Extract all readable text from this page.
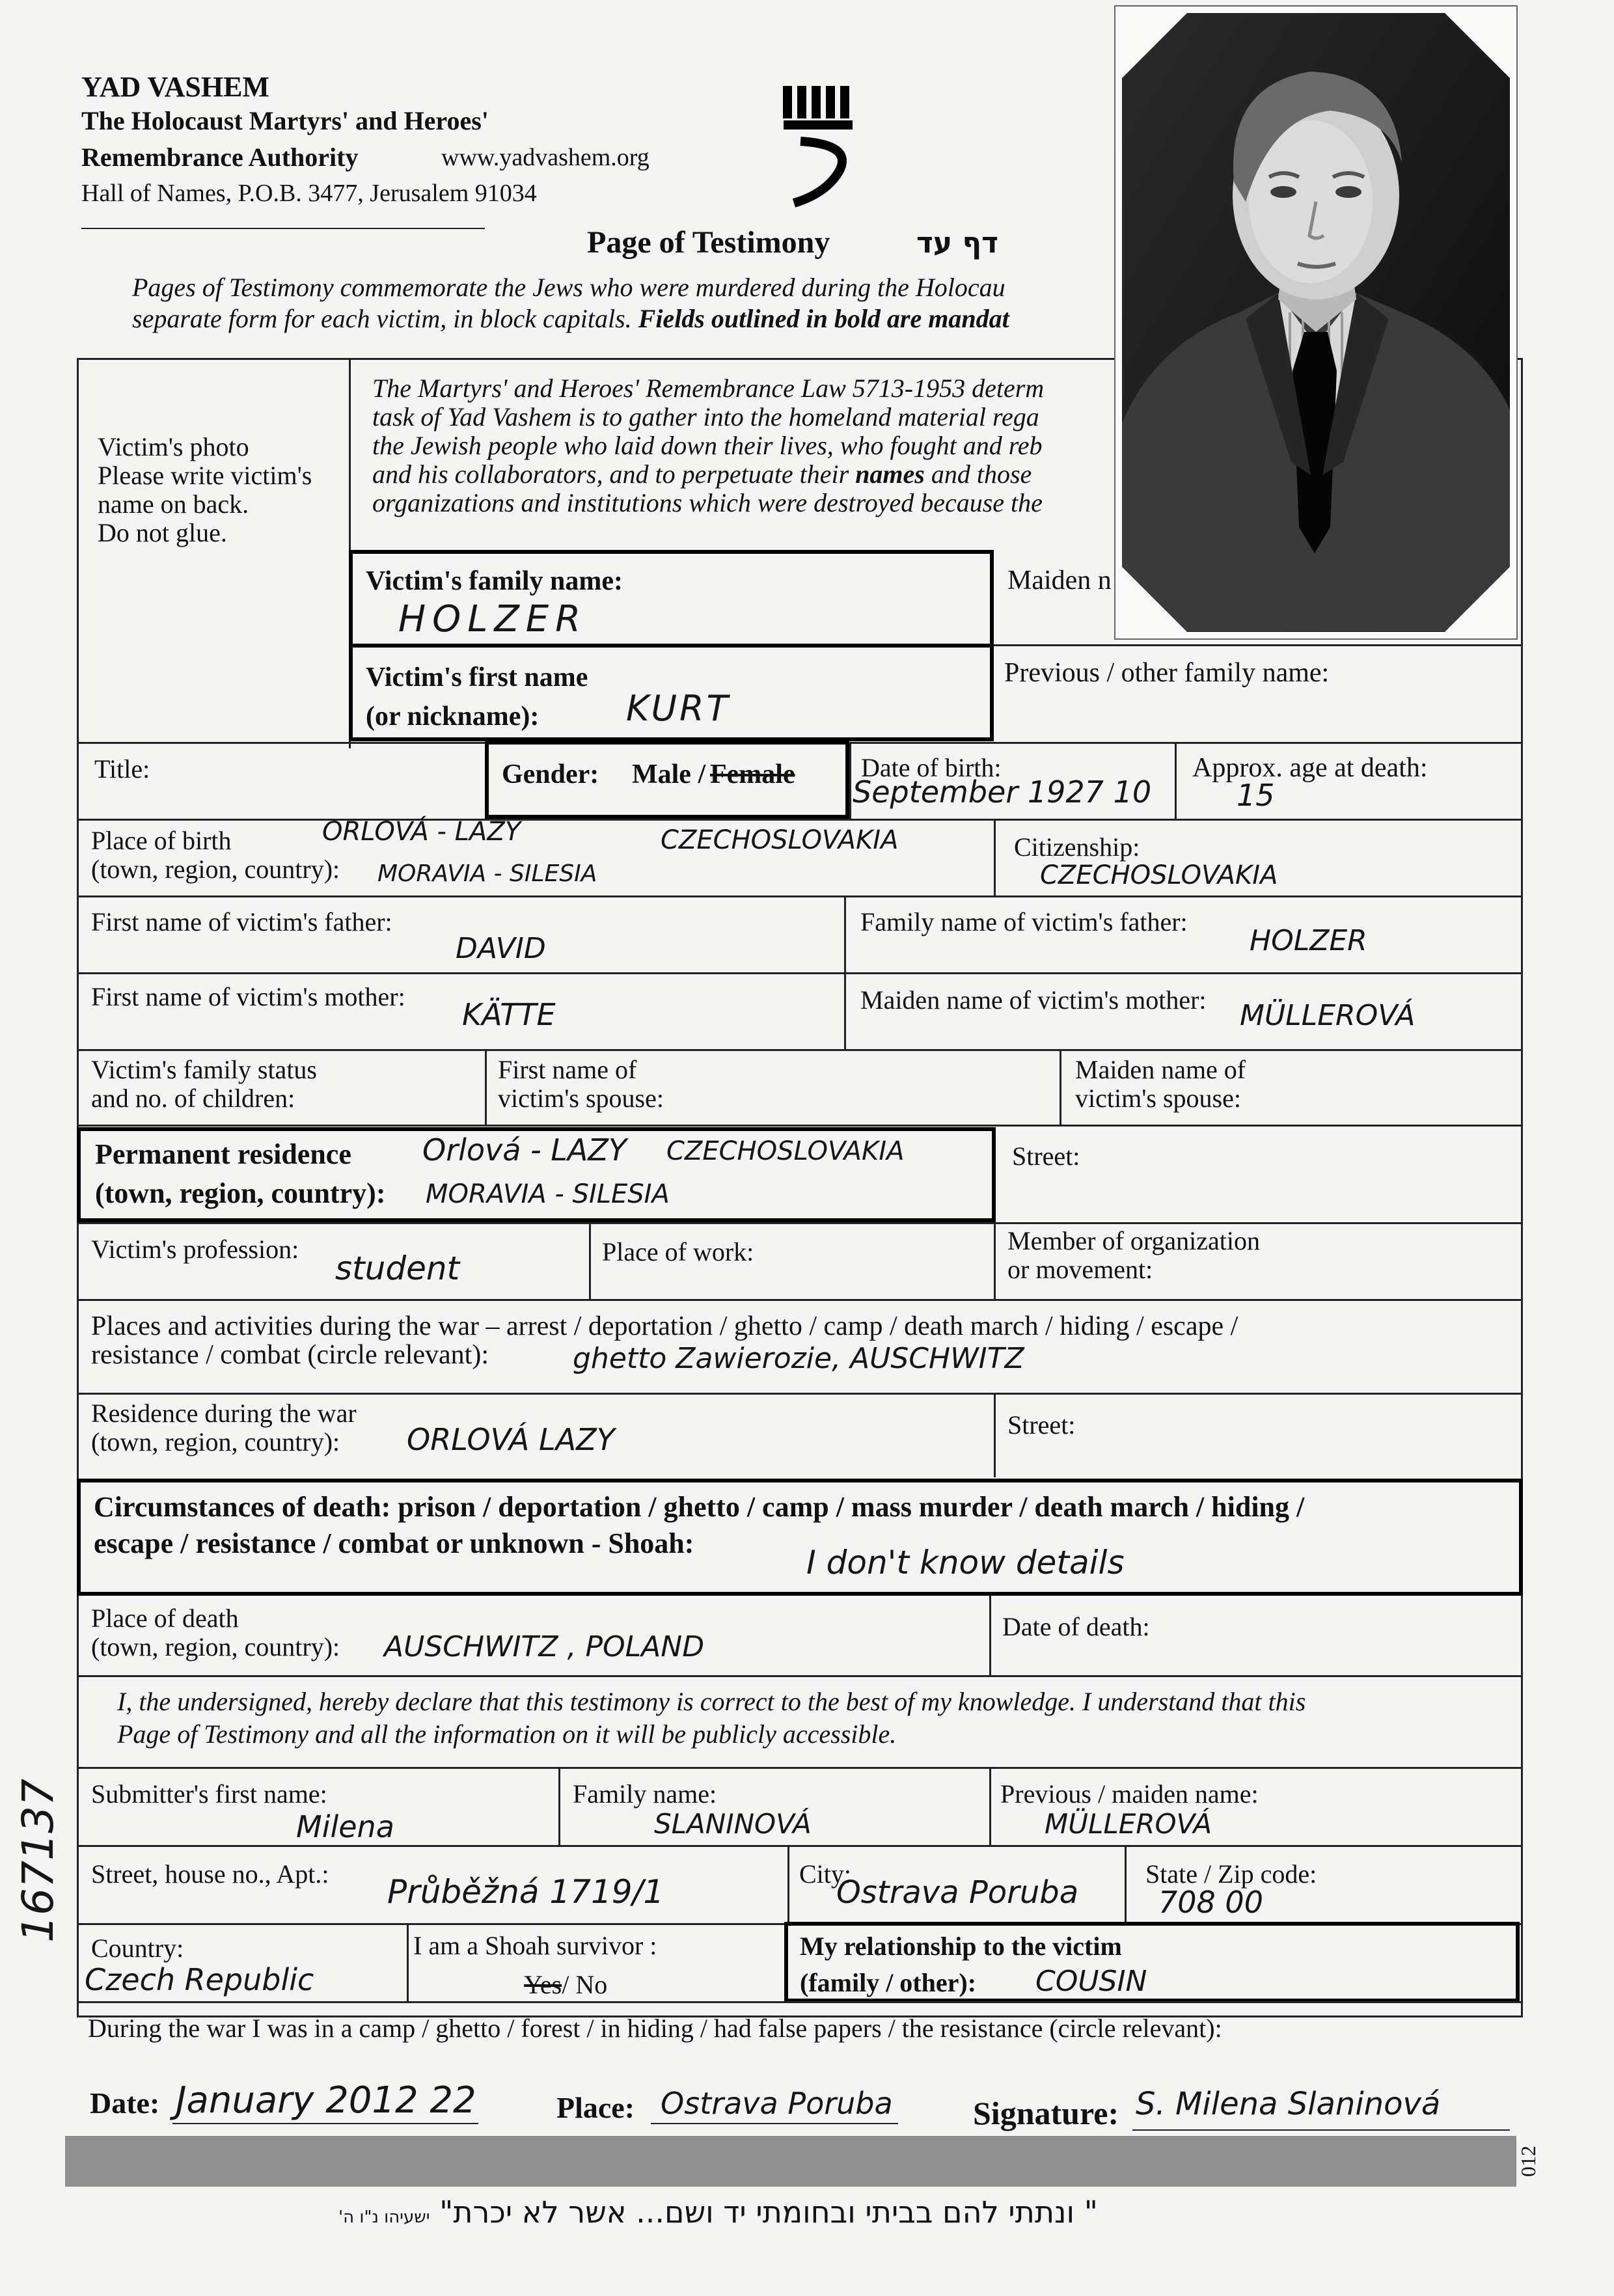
YAD VASHEM
The Holocaust Martyrs' and Heroes'
Remembrance Authority	www.yadvashem.org
Hall of Names, P.O.B. 3477, Jerusalem 91034
Page of Testimony	דף עד
Pages of Testimony commemorate the Jews who were murdered during the Holocau
separate form for each victim, in block capitals. Fields outlined in bold are mandat
Victim's photo
Please write victim's
name on back.
Do not glue.
The Martyrs' and Heroes' Remembrance Law 5713-1953 determ
task of Yad Vashem is to gather into the homeland material rega
the Jewish people who laid down their lives, who fought and reb
and his collaborators, and to perpetuate their names and those
organizations and institutions which were destroyed because the
Victim's family name:
HOLZER
Victim's first name
(or nickname): KURT
Maiden n
Previous / other family name:
Title:	Gender: Male / Female	Date of birth:
September 1927 10
Approx. age at death:
15
Place of birth
(town, region, country):
ORLOVÁ - LAZY	CZECHOSLOVAKIA
MORAVIA - SILESIA
Citizenship:
CZECHOSLOVAKIA
First name of victim's father:
DAVID
Family name of victim's father:
HOLZER
First name of victim's mother:
KÄTTE	Maiden name of victim's mother: MÜLLEROVÁ
Victim's family status
and no. of children:
First name of
victim's spouse:
Maiden name of
victim's spouse:
Permanent residence
(town, region, country):
Orlová - LAZY CZECHOSLOVAKIA
MORAVIA - SILESIA
Street:
Victim's profession:
student	Place of work:	Member of organization
or movement:
Places and activities during the war – arrest / deportation / ghetto / camp / death march / hiding / escape /
resistance / combat (circle relevant):	ghetto Zawierozie, AUSCHWITZ
Residence during the war
(town, region, country):	ORLOVÁ LAZY	Street:
Circumstances of death: prison / deportation / ghetto / camp / mass murder / death march / hiding /
escape / resistance / combat or unknown - Shoah:
I don't know details
Place of death
(town, region, country): AUSCHWITZ , POLAND
Date of death:
I, the undersigned, hereby declare that this testimony is correct to the best of my knowledge. I understand that this
Page of Testimony and all the information on it will be publicly accessible.
Submitter's first name:
Milena
Family name:
SLANINOVÁ
Previous / maiden name:
MÜLLEROVÁ
Street, house no., Apt.: Průběžná 1719/1	City:
Ostrava Poruba
State / Zip code:
708 00
Country:
Czech Republic
I am a Shoah survivor :
Yes/ No
My relationship to the victim
(family / other): COUSIN
During the war I was in a camp / ghetto / forest / in hiding / had false papers / the resistance (circle relevant):
Date: January 2012 22	Place: Ostrava Poruba Signature: S. Milena Slaninová
" ונתתי להם בביתי ובחומתי יד ושם... אשר לא יכרת" ישעיהו נ"ו ה'
012
167137
